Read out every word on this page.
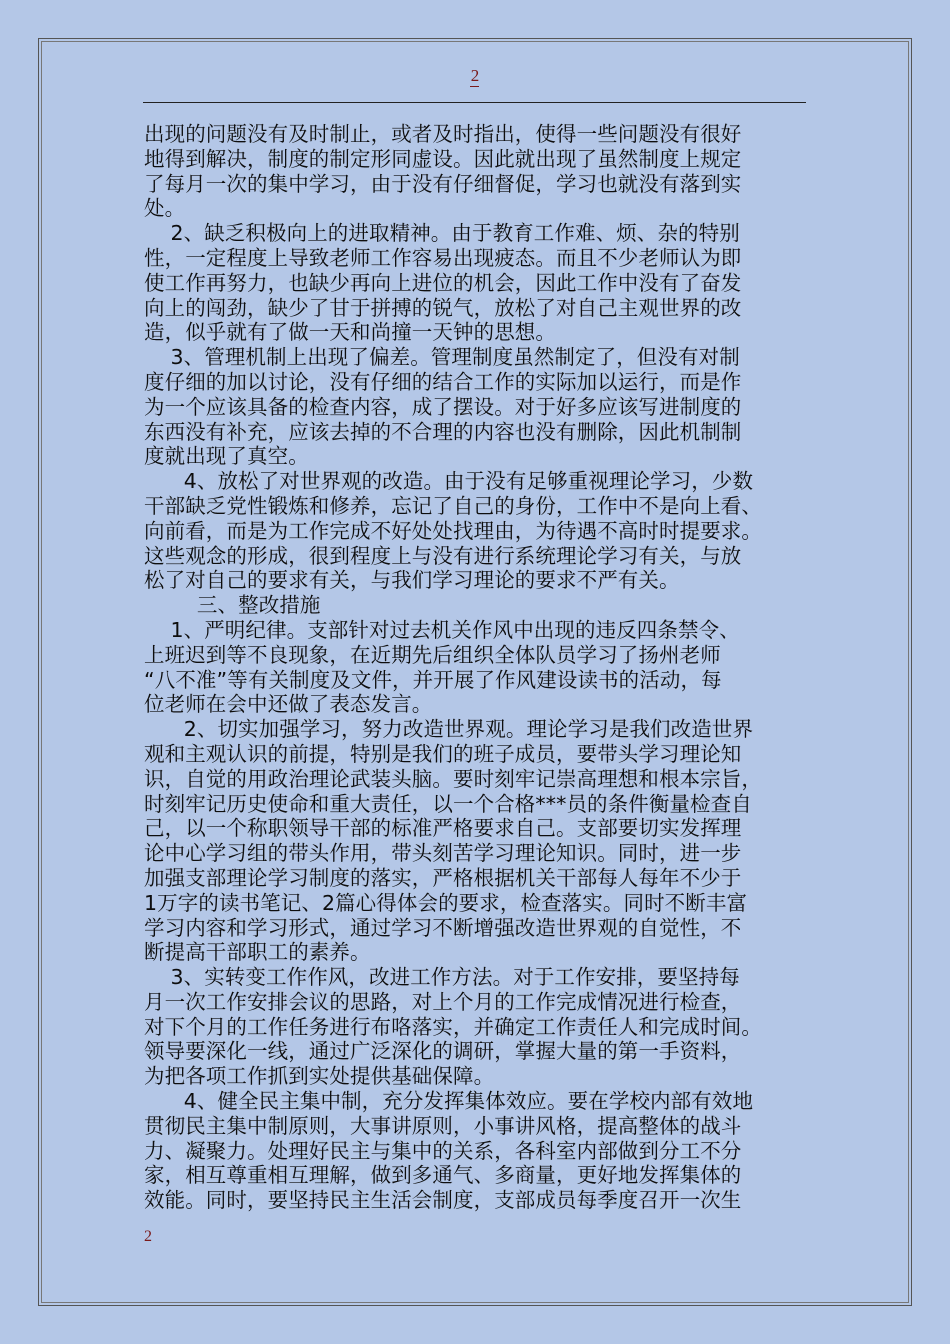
2
出现的问题没有及时制止，或者及时指出，使得一些问题没有很好
地得到解决，制度的制定形同虚设。因此就出现了虽然制度上规定
了每月一次的集中学习，由于没有仔细督促，学习也就没有落到实
处。
2、缺乏积极向上的进取精神。由于教育工作难、烦、杂的特别
性，一定程度上导致老师工作容易出现疲态。而且不少老师认为即
使工作再努力，也缺少再向上进位的机会，因此工作中没有了奋发
向上的闯劲，缺少了甘于拼搏的锐气，放松了对自己主观世界的改
造，似乎就有了做一天和尚撞一天钟的思想。
3、管理机制上出现了偏差。管理制度虽然制定了，但没有对制
度仔细的加以讨论，没有仔细的结合工作的实际加以运行，而是作
为一个应该具备的检查内容，成了摆设。对于好多应该写进制度的
东西没有补充，应该去掉的不合理的内容也没有删除，因此机制制
度就出现了真空。
4、放松了对世界观的改造。由于没有足够重视理论学习，少数
干部缺乏党性锻炼和修养，忘记了自己的身份，工作中不是向上看、
向前看，而是为工作完成不好处处找理由，为待遇不高时时提要求。
这些观念的形成，很到程度上与没有进行系统理论学习有关，与放
松了对自己的要求有关，与我们学习理论的要求不严有关。
三、整改措施
1、严明纪律。支部针对过去机关作风中出现的违反四条禁令、
上班迟到等不良现象，在近期先后组织全体队员学习了扬州老师
“八不准”等有关制度及文件，并开展了作风建设读书的活动，每
位老师在会中还做了表态发言。
2、切实加强学习，努力改造世界观。理论学习是我们改造世界
观和主观认识的前提，特别是我们的班子成员，要带头学习理论知
识，自觉的用政治理论武装头脑。要时刻牢记崇高理想和根本宗旨，
时刻牢记历史使命和重大责任，以一个合格***员的条件衡量检查自
己，以一个称职领导干部的标准严格要求自己。支部要切实发挥理
论中心学习组的带头作用，带头刻苦学习理论知识。同时，进一步
加强支部理论学习制度的落实，严格根据机关干部每人每年不少于
1万字的读书笔记、2篇心得体会的要求，检查落实。同时不断丰富
学习内容和学习形式，通过学习不断增强改造世界观的自觉性，不
断提高干部职工的素养。
3、实转变工作作风，改进工作方法。对于工作安排，要坚持每
月一次工作安排会议的思路，对上个月的工作完成情况进行检查，
对下个月的工作任务进行布咯落实，并确定工作责任人和完成时间。
领导要深化一线，通过广泛深化的调研，掌握大量的第一手资料，
为把各项工作抓到实处提供基础保障。
4、健全民主集中制，充分发挥集体效应。要在学校内部有效地
贯彻民主集中制原则，大事讲原则，小事讲风格，提高整体的战斗
力、凝聚力。处理好民主与集中的关系，各科室内部做到分工不分
家，相互尊重相互理解，做到多通气、多商量，更好地发挥集体的
效能。同时，要坚持民主生活会制度，支部成员每季度召开一次生
2
